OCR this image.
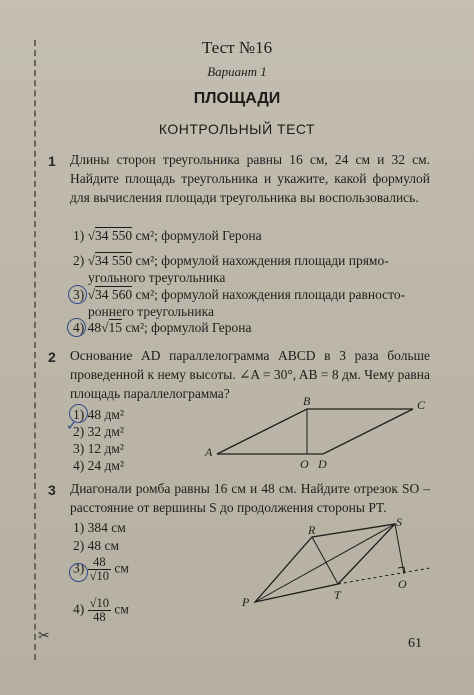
✂
Тест №16
Вариант 1
ПЛОЩАДИ
КОНТРОЛЬНЫЙ ТЕСТ
1 Длины сторон треугольника равны 16 см, 24 см и 32 см. Найдите площадь треугольника и укажите, какой формулой для вычисления площади треугольника вы воспользовались.
1) √34 550 см²; формулой Герона
2) √34 550 см²; формулой нахождения площади прямо-
угольного треугольника
3) √34 560 см²; формулой нахождения площади равносто-
роннего треугольника
4) 48√15 см²; формулой Герона
2 Основание AD параллелограмма ABCD в 3 раза больше проведенной к нему высоты. ∠A = 30°, AB = 8 дм. Чему равна площадь параллелограмма?
1) 48 дм²
2) 32 дм²
3) 12 дм²
4) 24 дм²
✓
B	C
A
O D
3 Диагонали ромба равны 16 см и 48 см. Найдите отрезок SO – расстояние от вершины S до продолжения стороны PT.
1) 384 см
2) 48 см
$3) \frac{48}{√10}$ см
$4) \frac{√10}{48}$ см
R
S
T
O
P
61
